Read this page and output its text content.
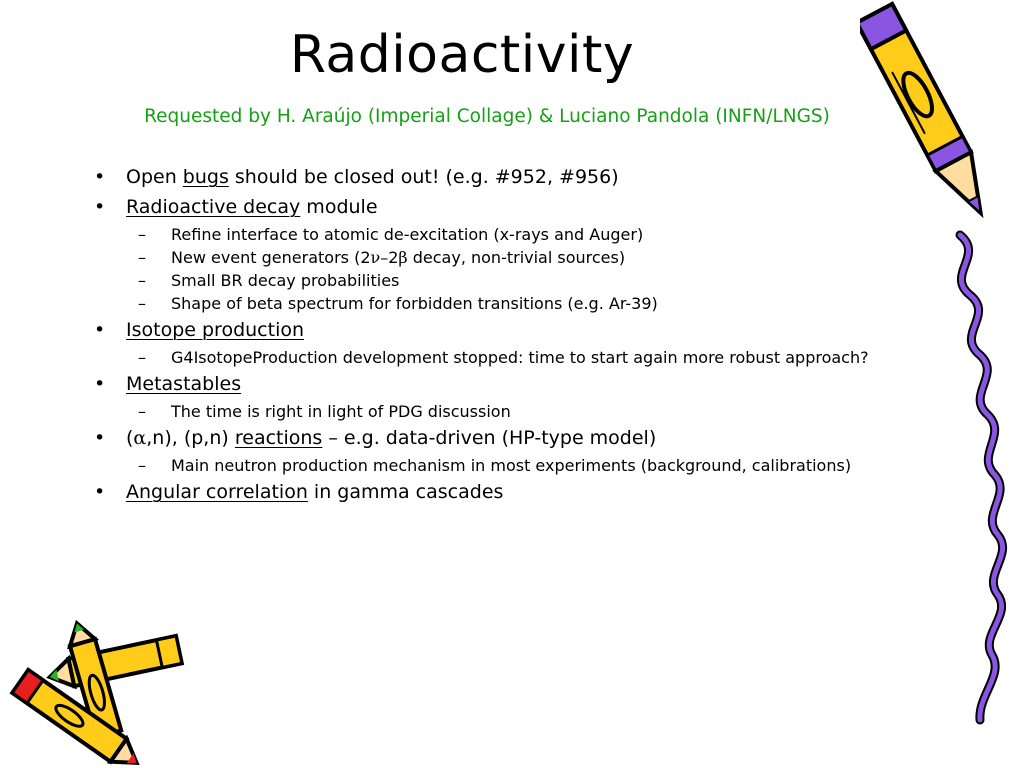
Radioactivity
Requested by H. Araújo (Imperial Collage) & Luciano Pandola (INFN/LNGS)
•	Open bugs should be closed out! (e.g. #952, #956)
•	Radioactive decay module
–	Refine interface to atomic de-excitation (x-rays and Auger)
–	New event generators (2ν–2β decay, non-trivial sources)
–	Small BR decay probabilities
–	Shape of beta spectrum for forbidden transitions (e.g. Ar-39)
•	Isotope production
–	G4IsotopeProduction development stopped: time to start again more robust approach?
•	Metastables
–	The time is right in light of PDG discussion
•	(α,n), (p,n) reactions – e.g. data-driven (HP-type model)
–	Main neutron production mechanism in most experiments (background, calibrations)
•	Angular correlation in gamma cascades
